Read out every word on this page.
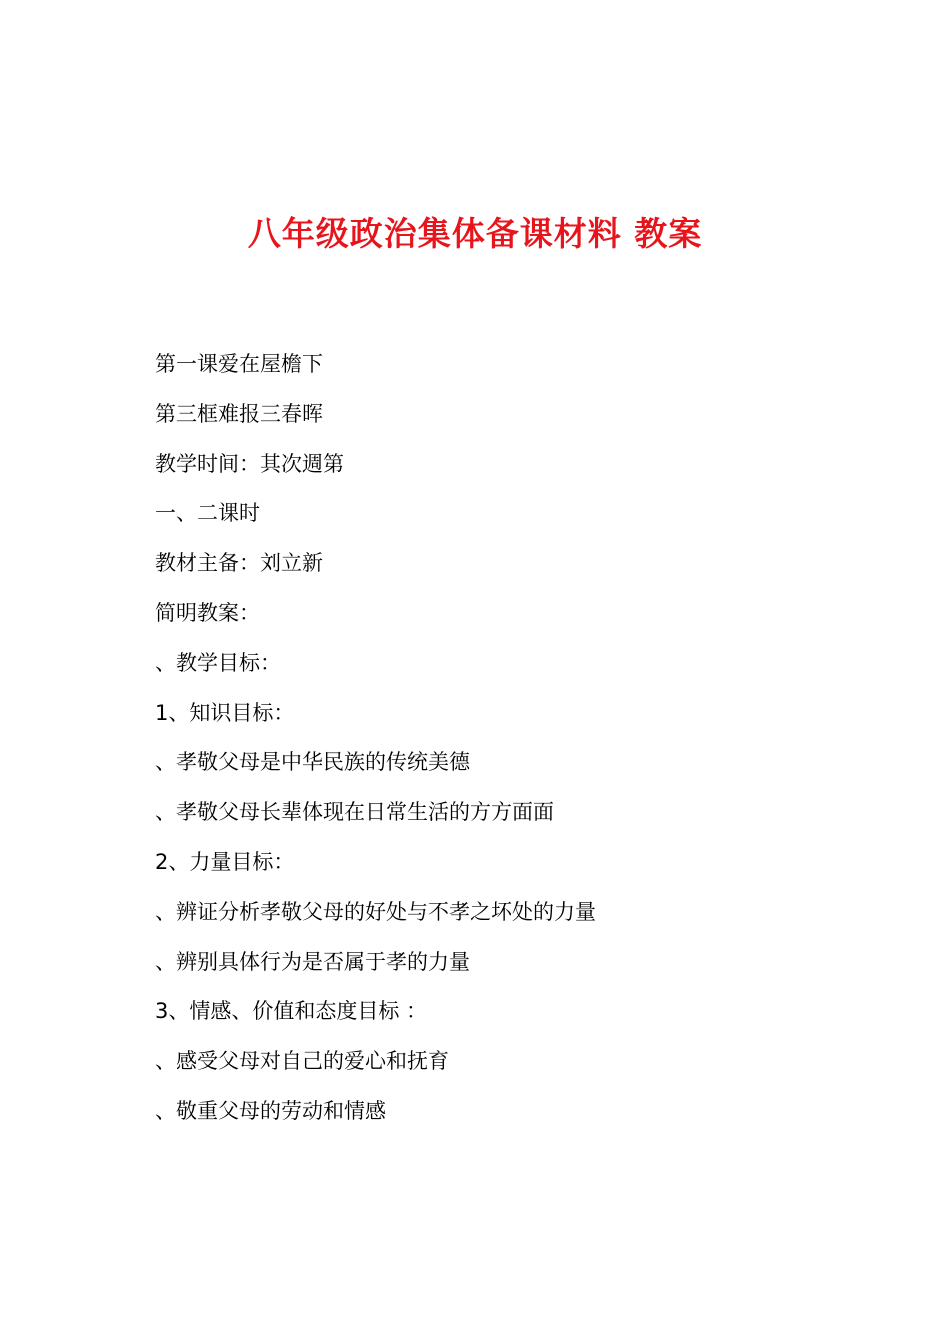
八年级政治集体备课材料 教案
第一课爱在屋檐下
第三框难报三春晖
教学时间：其次週第
一、二课时
教材主备：刘立新
简明教案：
、教学目标：
1、知识目标：
、孝敬父母是中华民族的传统美德
、孝敬父母长辈体现在日常生活的方方面面
2、力量目标：
、辨证分析孝敬父母的好处与不孝之坏处的力量
、辨别具体行为是否属于孝的力量
3、情感、价值和态度目标 ：
、感受父母对自己的爱心和抚育
、敬重父母的劳动和情感
